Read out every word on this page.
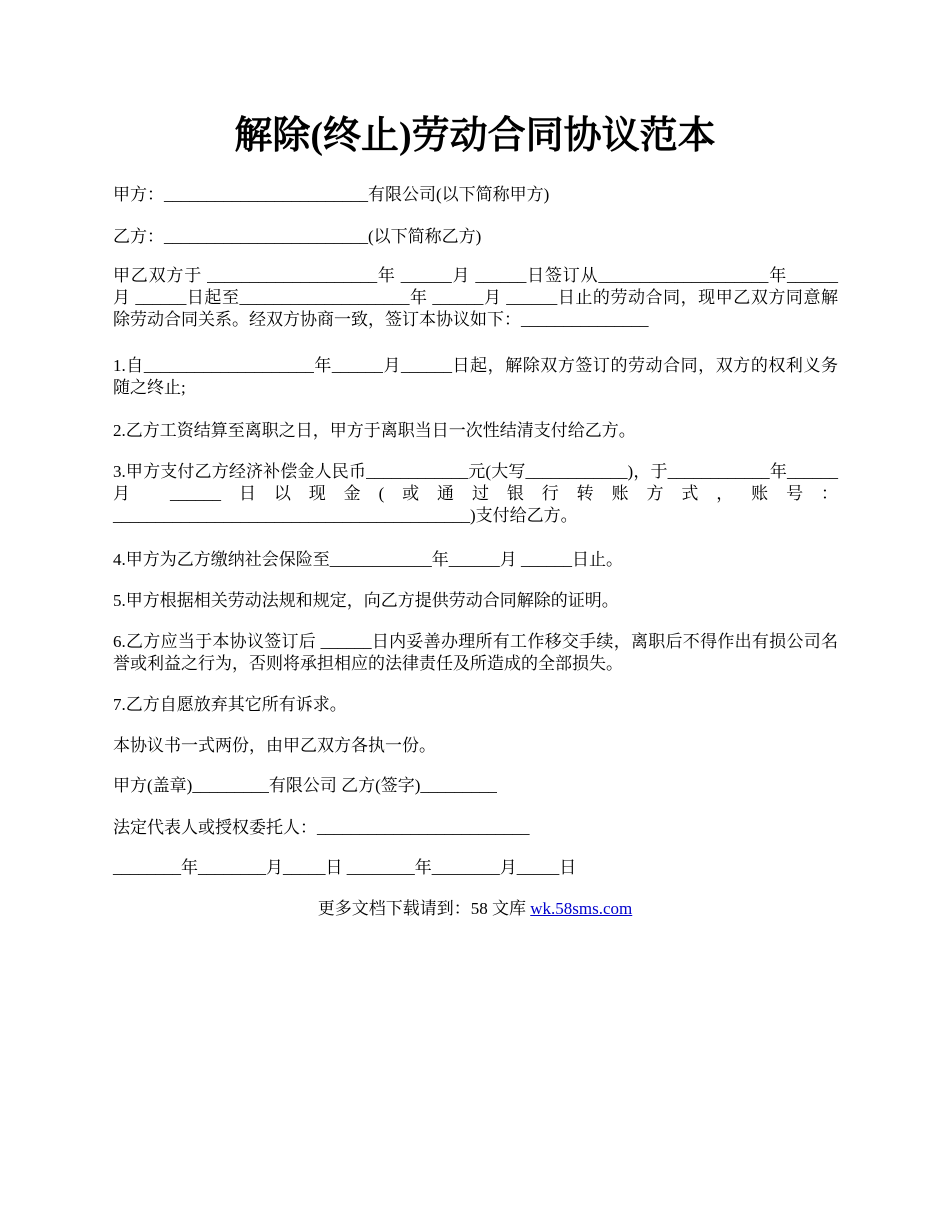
解除(终止)劳动合同协议范本
甲方：________________________有限公司(以下简称甲方)
乙方：________________________(以下简称乙方)
甲乙双方于 ____________________年 ______月 ______日签订从____________________年______月 ______日起至____________________年 ______月 ______日止的劳动合同，现甲乙双方同意解除劳动合同关系。经双方协商一致，签订本协议如下：_______________
1.自____________________年______月______日起，解除双方签订的劳动合同，双方的权利义务随之终止;
2.乙方工资结算至离职之日，甲方于离职当日一次性结清支付给乙方。
3.甲方支付乙方经济补偿金人民币____________元(大写____________)，于____________年______月 ______日以现金(或通过银行转账方式，账号：__________________________________________)支付给乙方。
4.甲方为乙方缴纳社会保险至____________年______月 ______日止。
5.甲方根据相关劳动法规和规定，向乙方提供劳动合同解除的证明。
6.乙方应当于本协议签订后 ______日内妥善办理所有工作移交手续，离职后不得作出有损公司名誉或利益之行为，否则将承担相应的法律责任及所造成的全部损失。
7.乙方自愿放弃其它所有诉求。
本协议书一式两份，由甲乙双方各执一份。
甲方(盖章)_________有限公司 乙方(签字)_________
法定代表人或授权委托人：_________________________
________年________月_____日 ________年________月_____日
更多文档下载请到：58 文库 wk.58sms.com
